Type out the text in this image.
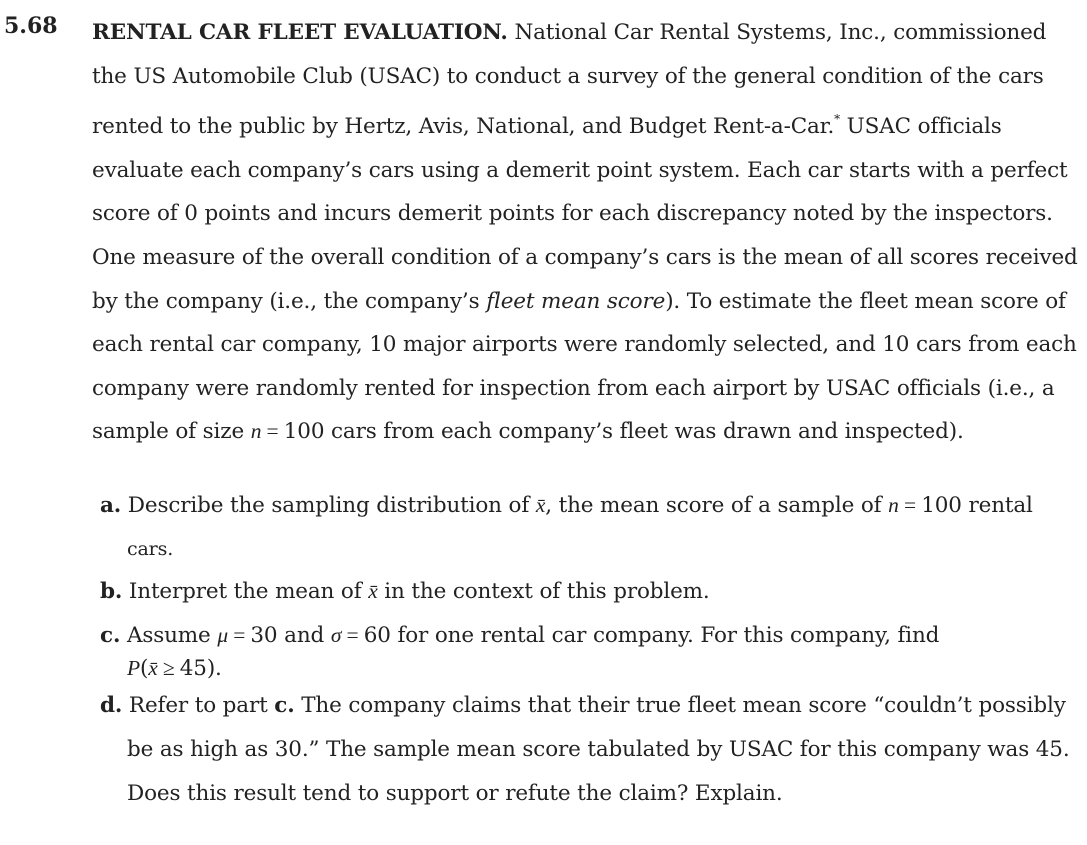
5.68 RENTAL CAR FLEET EVALUATION. National Car Rental Systems, Inc., commissioned the US Automobile Club (USAC) to conduct a survey of the general condition of the cars rented to the public by Hertz, Avis, National, and Budget Rent-a-Car.* USAC officials evaluate each company’s cars using a demerit point system. Each car starts with a perfect score of 0 points and incurs demerit points for each discrepancy noted by the inspectors. One measure of the overall condition of a company’s cars is the mean of all scores received by the company (i.e., the company’s fleet mean score). To estimate the fleet mean score of each rental car company, 10 major airports were randomly selected, and 10 cars from each company were randomly rented for inspection from each airport by USAC officials (i.e., a sample of size n = 100 cars from each company’s fleet was drawn and inspected).
a. Describe the sampling distribution of x̄, the mean score of a sample of n = 100 rental
cars.
b. Interpret the mean of x̄ in the context of this problem.
c. Assume μ = 30 and σ = 60 for one rental car company. For this company, find
P(x̄ ≥ 45).
d. Refer to part c. The company claims that their true fleet mean score “couldn’t possibly
be as high as 30.” The sample mean score tabulated by USAC for this company was 45.
Does this result tend to support or refute the claim? Explain.
